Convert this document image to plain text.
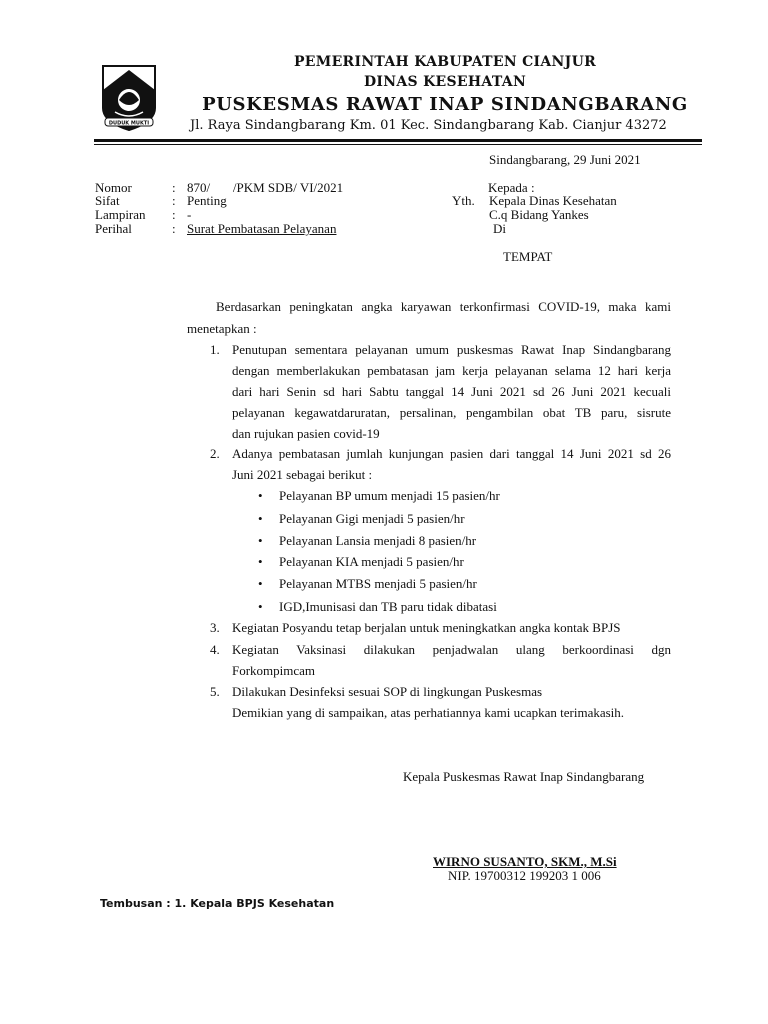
DUDUK MUKTI
PEMERINTAH KABUPATEN CIANJUR
DINAS KESEHATAN
PUSKESMAS RAWAT INAP SINDANGBARANG
Jl. Raya Sindangbarang Km. 01 Kec. Sindangbarang Kab. Cianjur 43272
Sindangbarang, 29 Juni 2021
Nomor	: 870/       /PKM SDB/ VI/2021
Sifat	: Penting
Lampiran : -
Perihal	: Surat Pembatasan Pelayanan
Kepada :
Yth. Kepala Dinas Kesehatan
C.q Bidang Yankes
Di
TEMPAT
Berdasarkan peningkatan angka karyawan terkonfirmasi COVID-19, maka kami
menetapkan :
1. Penutupan sementara pelayanan umum puskesmas Rawat Inap Sindangbarang
dengan memberlakukan pembatasan jam kerja pelayanan selama 12 hari kerja
dari hari Senin sd hari Sabtu tanggal 14 Juni 2021 sd 26 Juni 2021 kecuali
pelayanan kegawatdaruratan, persalinan, pengambilan obat TB paru, sisrute
dan rujukan pasien covid-19
2. Adanya pembatasan jumlah kunjungan pasien dari tanggal 14 Juni 2021 sd 26
Juni 2021 sebagai berikut :
• Pelayanan BP umum menjadi 15 pasien/hr
• Pelayanan Gigi menjadi 5 pasien/hr
• Pelayanan Lansia menjadi 8 pasien/hr
• Pelayanan KIA menjadi 5 pasien/hr
• Pelayanan MTBS menjadi 5 pasien/hr
• IGD,Imunisasi dan TB paru tidak dibatasi
3. Kegiatan Posyandu tetap berjalan untuk meningkatkan angka kontak BPJS
4. Kegiatan Vaksinasi dilakukan penjadwalan ulang berkoordinasi dgn
Forkompimcam
5. Dilakukan Desinfeksi sesuai SOP di lingkungan Puskesmas
Demikian yang di sampaikan, atas perhatiannya kami ucapkan terimakasih.
Kepala Puskesmas Rawat Inap Sindangbarang
WIRNO SUSANTO, SKM., M.Si
NIP. 19700312 199203 1 006
Tembusan : 1. Kepala BPJS Kesehatan
